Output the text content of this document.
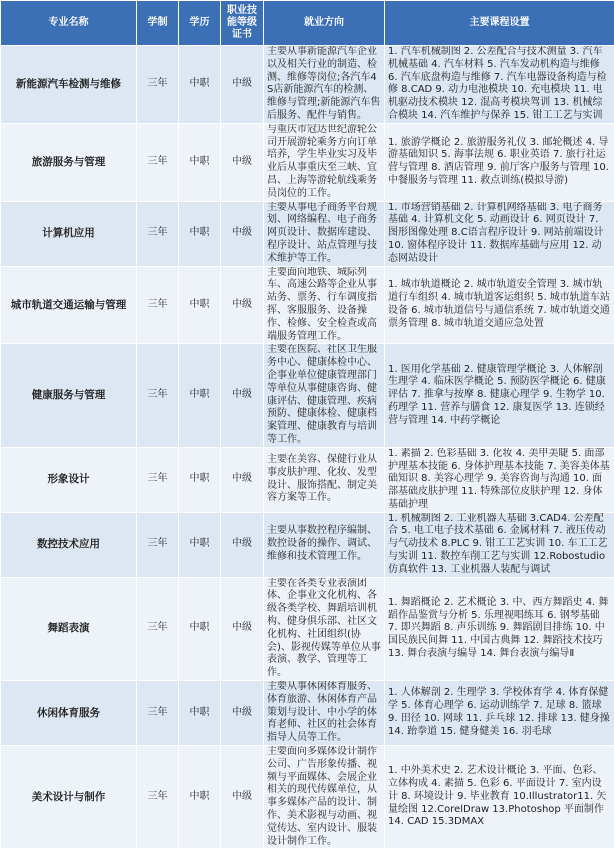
专业名称	学制	学历	职业技能等级证书	就业方向	主要课程设置
新能源汽车检测与维修	三年	中职	中级	主要从事新能源汽车企业以及相关行业的制造、检测、维修等岗位;各汽车4S店新能源汽车的检测、维修与管理;新能源汽车售后服务、配件与销售。	1. 汽车机械制图 2. 公差配合与技术测量 3. 汽车机械基础 4. 汽车材料 5. 汽车发动机构造与维修 6. 汽车底盘构造与维修 7. 汽车电器设备构造与检修 8.CAD 9. 动力电池模块 10. 充电模块 11. 电机驱动技术模块 12. 混高考模块驾训 13. 机械综合模块 14. 汽车维护与保养 15. 钳工工艺与实训
旅游服务与管理	三年	中职	中级	与重庆市冠达世纪游轮公司开展游轮乘务方向订单培养，学生毕业实习及毕业后从事重庆至三峡、宜昌、上海等游轮航线乘务员岗位的工作。	1. 旅游学概论 2. 旅游服务礼仪 3. 邮轮概述 4. 导游基础知识 5. 海事法规 6. 职业英语 7. 旅行社运营与管理 8. 酒店管理 9. 前厅客户服务与管理 10. 中餐服务与管理 11. 救点训练(模拟导游)
计算机应用	三年	中职	中级	主要从事电子商务平台规划、网络编程、电子商务网页设计、数据库建设、程序设计、站点管理与技术维护等工作。	1. 市场营销基础 2. 计算机网络基础 3. 电子商务基础 4. 计算机文化 5. 动画设计 6. 网页设计 7. 图形图像处理 8.C语言程序设计 9. 网站前端设计 10. 窗体程序设计 11. 数据库基础与应用 12. 动态网站设计
城市轨道交通运输与管理	三年	中职	中级	主要面向地铁、城际列车、高速公路等企业从事站务、票务、行车调度指挥、客服服务、设备操作、检修、安全检查或高端服务管理工作。	1. 城市轨道概论 2. 城市轨道安全管理 3. 城市轨道行车组织 4. 城市轨道客运组织 5. 城市轨道车站设备 6. 城市轨道信号与通信系统 7. 城市轨道交通票务管理 8. 城市轨道交通应急处置
健康服务与管理	三年	中职	中级	主要在医院、社区卫生服务中心、健康体检中心、企事业单位健康管理部门等单位从事健康咨询、健康评估、健康管理、疾病预防、健康体检、健康档案管理、健康教育与培训等工作。	1. 医用化学基础 2. 健康管理学概论 3. 人体解剖生理学 4. 临床医学概论 5. 预防医学概论 6. 健康评估 7. 推拿与按摩 8. 健康心理学 9. 生物学 10. 药理学 11. 营养与膳食 12. 康复医学 13. 连锁经营与管理 14. 中药学概论
形象设计	三年	中职	中级	主要在美容、保健行业从事皮肤护理、化妆、发型设计、服饰搭配、制定美容方案等工作。	1. 素描 2. 色彩基础 3. 化妆 4. 美甲美睫 5. 面部护理基本技能 6. 身体护理基本技能 7. 美容美体基础知识 8. 美容心理学 9. 美容咨询与沟通 10. 面部基础皮肤护理 11. 特殊部位皮肤护理 12. 身体基础护理
数控技术应用	三年	中职	中级	主要从事数控程序编制、数控设备的操作、调试、维修和技术管理工作。	1. 机械制图 2. 工业机器人基础 3.CAD4. 公差配合 5. 电工电子技术基础 6. 金属材料 7. 液压传动与气动技术 8.PLC 9. 钳工工艺实训 10. 车工工艺与实训 11. 数控车削工艺与实训 12.Robostudio仿真软件 13. 工业机器人装配与调试
舞蹈表演	三年	中职	中级	主要在各类专业表演团体、企事业文化机构、各级各类学校、舞蹈培训机构、健身俱乐部、社区文化机构、社团组织(协会)、影视传媒等单位从事表演、教学、管理等工作。	1. 舞蹈概论 2. 艺术概论 3. 中、西方舞蹈史 4. 舞蹈作品鉴赏与分析 5. 乐理视唱练耳 6. 钢琴基础 7. 即兴舞蹈 8. 声乐训练 9. 舞蹈剧目排练 10. 中国民族民间舞 11. 中国古典舞 12. 舞蹈技术技巧 13. 舞台表演与编导 14. 舞台表演与编导Ⅱ
休闲体育服务	三年	中职	中级	主要从事休闲体育服务、体育旅游、休闲体育产品策划与设计、中小学的体育老师、社区的社会体育指导人员等工作。	1. 人体解剖 2. 生理学 3. 学校体育学 4. 体育保健学 5. 体育心理学 6. 运动训练学 7. 足球 8. 篮球 9. 田径 10. 网球 11. 乒乓球 12. 排球 13. 健身操 14. 跆拳道 15. 健身健美 16. 羽毛球
美术设计与制作	三年	中职	中级	主要面向多媒体设计制作公司、广告形象传播、视频与平面媒体、会展企业相关的现代传媒单位，从事多媒体产品的设计、制作、美术影视与动画、视觉传达、室内设计、服装设计制作工作。	1. 中外美术史 2. 艺术设计概论 3. 平面、色彩、立体构成 4. 素描 5. 色彩 6. 平面设计 7. 室内设计 8. 环境设计 9. 毕业教育 10.Illustrator11. 矢量绘图 12.CorelDraw 13.Photoshop 平面制作 14. CAD 15.3DMAX
